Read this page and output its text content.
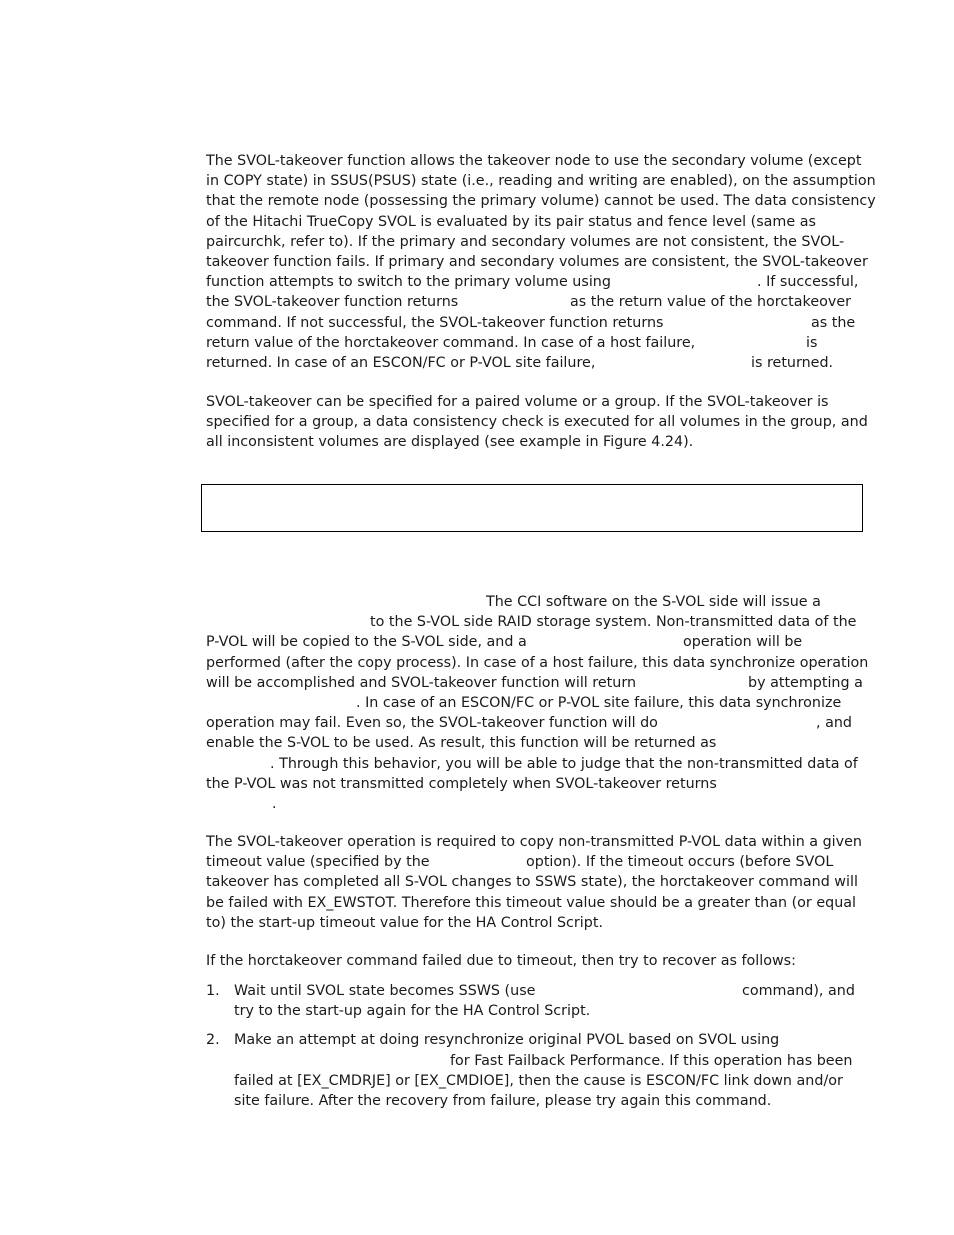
The SVOL-takeover function allows the takeover node to use the secondary volume (except
in COPY state) in SSUS(PSUS) state (i.e., reading and writing are enabled), on the assumption
that the remote node (possessing the primary volume) cannot be used. The data consistency
of the Hitachi TrueCopy SVOL is evaluated by its pair status and fence level (same as
paircurchk, refer to). If the primary and secondary volumes are not consistent, the SVOL-
takeover function fails. If primary and secondary volumes are consistent, the SVOL-takeover
function attempts to switch to the primary volume using	. If successful,
the SVOL-takeover function returns	as the return value of the horctakeover
command. If not successful, the SVOL-takeover function returns	as the
return value of the horctakeover command. In case of a host failure,	is
returned. In case of an ESCON/FC or P-VOL site failure,	is returned.
SVOL-takeover can be specified for a paired volume or a group. If the SVOL-takeover is
specified for a group, a data consistency check is executed for all volumes in the group, and
all inconsistent volumes are displayed (see example in Figure 4.24).
The CCI software on the S-VOL side will issue a
to the S-VOL side RAID storage system. Non-transmitted data of the
P-VOL will be copied to the S-VOL side, and a	operation will be
performed (after the copy process). In case of a host failure, this data synchronize operation
will be accomplished and SVOL-takeover function will return	by attempting a
. In case of an ESCON/FC or P-VOL site failure, this data synchronize
operation may fail. Even so, the SVOL-takeover function will do	, and
enable the S-VOL to be used. As result, this function will be returned as
. Through this behavior, you will be able to judge that the non-transmitted data of
the P-VOL was not transmitted completely when SVOL-takeover returns
.
The SVOL-takeover operation is required to copy non-transmitted P-VOL data within a given
timeout value (specified by the	option). If the timeout occurs (before SVOL
takeover has completed all S-VOL changes to SSWS state), the horctakeover command will
be failed with EX_EWSTOT. Therefore this timeout value should be a greater than (or equal
to) the start-up timeout value for the HA Control Script.
If the horctakeover command failed due to timeout, then try to recover as follows:
1. Wait until SVOL state becomes SSWS (use	command), and
try to the start-up again for the HA Control Script.
2. Make an attempt at doing resynchronize original PVOL based on SVOL using
for Fast Failback Performance. If this operation has been
failed at [EX_CMDRJE] or [EX_CMDIOE], then the cause is ESCON/FC link down and/or
site failure. After the recovery from failure, please try again this command.
